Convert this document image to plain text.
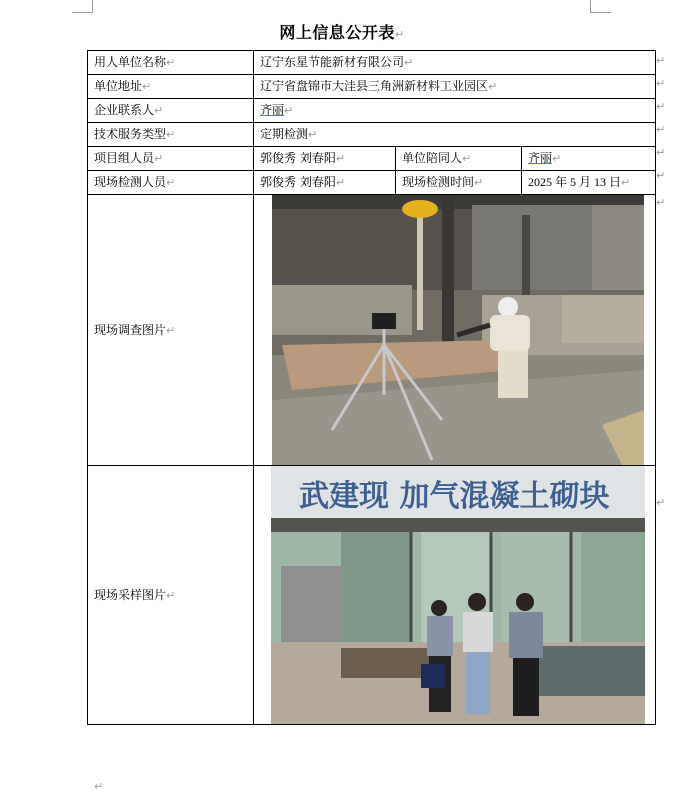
网上信息公开表↵
用人单位名称↵	辽宁东星节能新材有限公司↵		
单位地址↵	辽宁省盘锦市大洼县三角洲新材料工业园区↵		
企业联系人↵	齐丽↵		
技术服务类型↵	定期检测↵		
项目组人员↵	郭俊秀 刘春阳↵	单位陪同人↵	齐丽↵
现场检测人员↵	郭俊秀 刘春阳↵	现场检测时间↵	2025 年 5 月 13 日↵
现场调查图片↵	

现场采样图片↵	武建现 加气混凝土砌块		
↵
↵
↵
↵
↵
↵
↵
↵
↵
